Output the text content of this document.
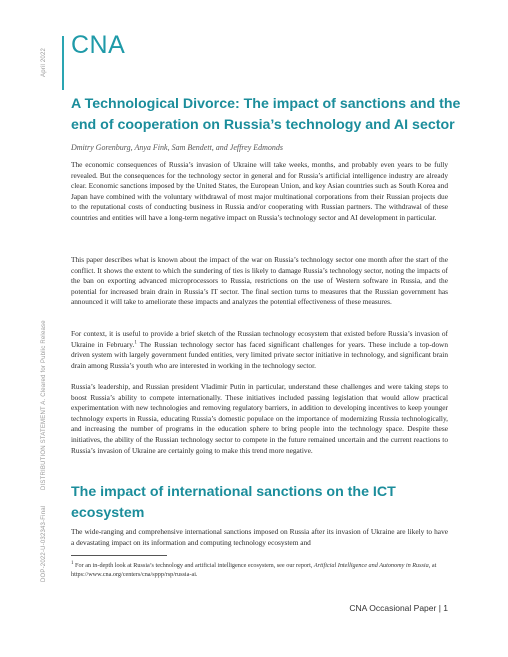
April 2022
DISTRIBUTION STATEMENT A. Cleared for Public Release
DOP-2022-U-032343-Final
CNA
A Technological Divorce: The impact of sanctions and the end of cooperation on Russia’s technology and AI sector
Dmitry Gorenburg, Anya Fink, Sam Bendett, and Jeffrey Edmonds

The economic consequences of Russia’s invasion of Ukraine will take weeks, months, and probably even years to be fully revealed. But the consequences for the technology sector in general and for Russia’s artificial intelligence industry are already clear. Economic sanctions imposed by the United States, the European Union, and key Asian countries such as South Korea and Japan have combined with the voluntary withdrawal of most major multinational corporations from their Russian projects due to the reputational costs of conducting business in Russia and/or cooperating with Russian partners. The withdrawal of these countries and entities will have a long-term negative impact on Russia’s technology sector and AI development in particular.

This paper describes what is known about the impact of the war on Russia’s technology sector one month after the start of the conflict. It shows the extent to which the sundering of ties is likely to damage Russia’s technology sector, noting the impacts of the ban on exporting advanced microprocessors to Russia, restrictions on the use of Western software in Russia, and the potential for increased brain drain in Russia’s IT sector. The final section turns to measures that the Russian government has announced it will take to ameliorate these impacts and analyzes the potential effectiveness of these measures.

For context, it is useful to provide a brief sketch of the Russian technology ecosystem that existed before Russia’s invasion of Ukraine in February.$^1$ The Russian technology sector has faced significant challenges for years. These include a top-down driven system with largely government funded entities, very limited private sector initiative in technology, and significant brain drain among Russia’s youth who are interested in working in the technology sector.

Russia’s leadership, and Russian president Vladimir Putin in particular, understand these challenges and were taking steps to boost Russia’s ability to compete internationally. These initiatives included passing legislation that would allow practical experimentation with new technologies and removing regulatory barriers, in addition to developing incentives to keep younger technology experts in Russia, educating Russia’s domestic populace on the importance of modernizing Russia technologically, and increasing the number of programs in the education sphere to bring people into the technology space. Despite these initiatives, the ability of the Russian technology sector to compete in the future remained uncertain and the current reactions to Russia’s invasion of Ukraine are certainly going to make this trend more negative.

The impact of international sanctions on the ICT ecosystem

The wide-ranging and comprehensive international sanctions imposed on Russia after its invasion of Ukraine are likely to have a devastating impact on its information and computing technology ecosystem and

$^1$ For an in-depth look at Russia’s technology and artificial intelligence ecosystem, see our report, Artificial Intelligence and Autonomy in Russia, at https://www.cna.org/centers/cna/sppp/rsp/russia-ai.

CNA Occasional Paper | 1
